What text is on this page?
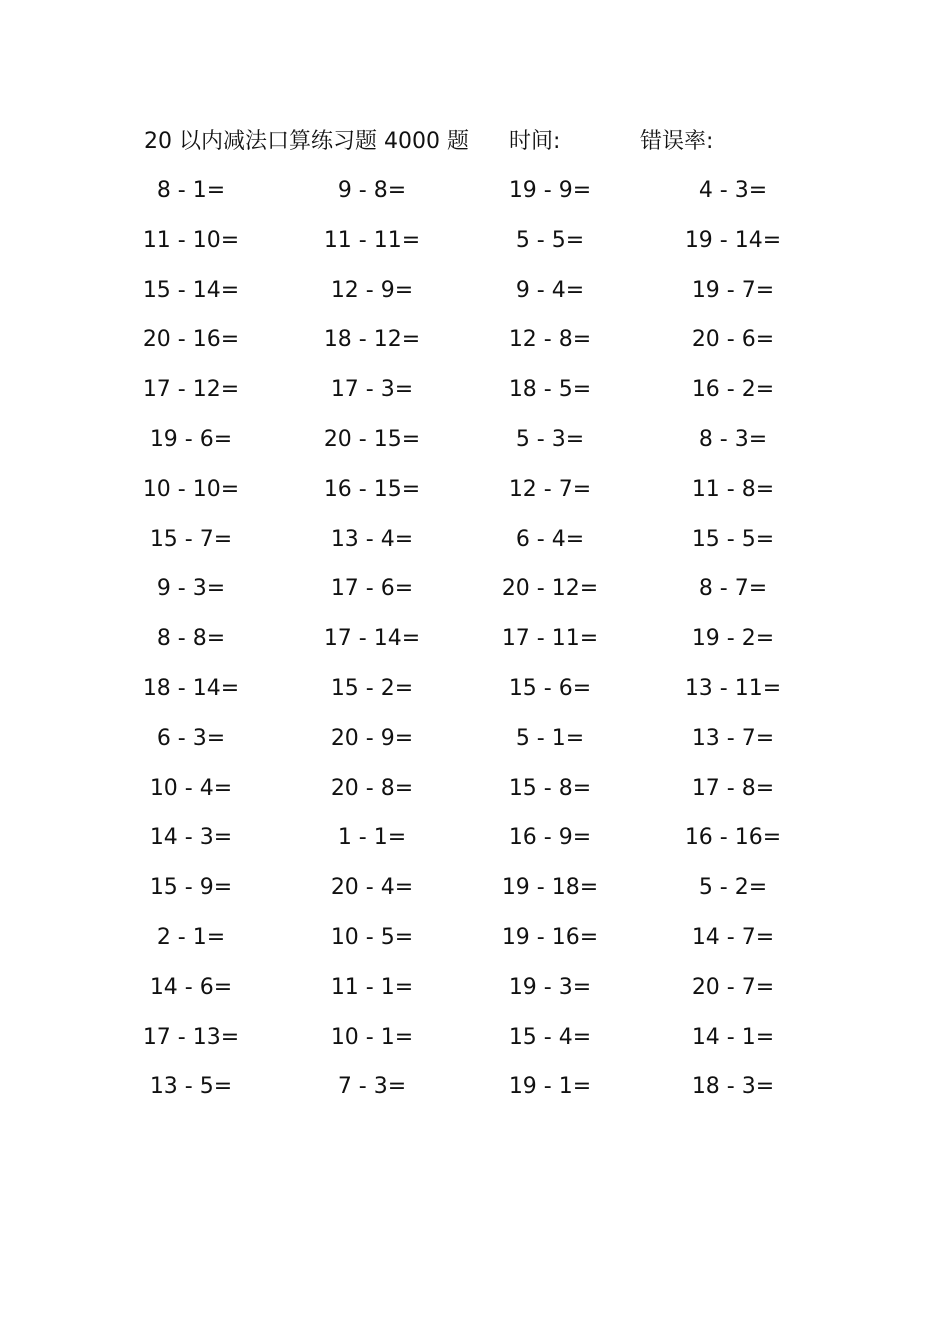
20 以内减法口算练习题 4000 题 时间:	错误率:
8 - 1=	9 - 8=	19 - 9=	4 - 3=
11 - 10=	11 - 11=	5 - 5=	19 - 14=
15 - 14=	12 - 9=	9 - 4=	19 - 7=
20 - 16=	18 - 12=	12 - 8=	20 - 6=
17 - 12=	17 - 3=	18 - 5=	16 - 2=
19 - 6=	20 - 15=	5 - 3=	8 - 3=
10 - 10=	16 - 15=	12 - 7=	11 - 8=
15 - 7=	13 - 4=	6 - 4=	15 - 5=
9 - 3=	17 - 6=	20 - 12=	8 - 7=
8 - 8=	17 - 14=	17 - 11=	19 - 2=
18 - 14=	15 - 2=	15 - 6=	13 - 11=
6 - 3=	20 - 9=	5 - 1=	13 - 7=
10 - 4=	20 - 8=	15 - 8=	17 - 8=
14 - 3=	1 - 1=	16 - 9=	16 - 16=
15 - 9=	20 - 4=	19 - 18=	5 - 2=
2 - 1=	10 - 5=	19 - 16=	14 - 7=
14 - 6=	11 - 1=	19 - 3=	20 - 7=
17 - 13=	10 - 1=	15 - 4=	14 - 1=
13 - 5=	7 - 3=	19 - 1=	18 - 3=
